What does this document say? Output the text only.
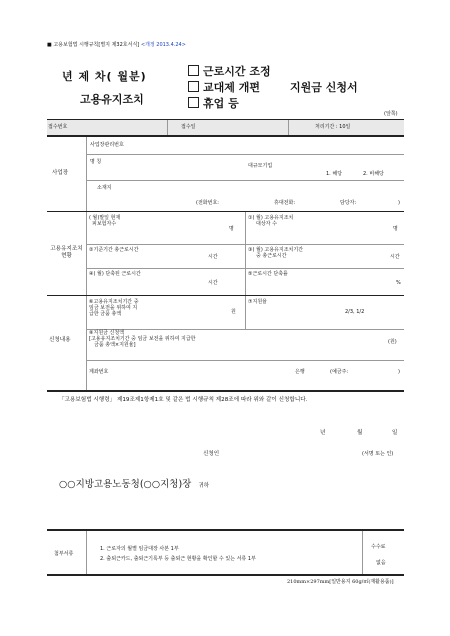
■ 고용보험법 시행규칙[별지 제32호서식] <개정 2013.4.24>
년 제 차( 월분)
고용유지조치
근로시간 조정
교대제 개편
휴업 등
지원금 신청서
(앞쪽)
접수번호	접수일	처리기간 : 10일
사업장
사업장관리번호
명 칭
대규모기업
1. 해당	2. 비해당
소재지
(전화번호:	휴대전화:	담당자:	)
고용유지조치
현황
( 월)말일 현재
피보험자수
명
①( 월) 고용유지조치
대상자 수
명
②기준기간 총근로시간
시간
③( 월) 고용유지조치기간
중 총근로시간	시간
④( 월) 단축된 근로시간
시간
⑤근로시간 단축률
%
신청내용
⑥고용유지조치기간 중
임금 보전을 위하여 지
급한 금품 총액	원
⑦지원율
2/3, 1/2
⑧지원금 신청액
[고용유지조치기간 중 임금 보전을 위하여 지급한
금품 총액×지원율]	(원)
계좌번호	은행	(예금주:	)
「고용보험법 시행령」 제19조제1항제1호 및 같은 법 시행규칙 제28조에 따라 위와 같이 신청합니다.
년	월	일
신청인	(서명 또는 인)
○○지방고용노동청(○○지청)장 귀하
첨부서류
1. 근로자의 월별 임금대장 사본 1부
2. 출퇴근카드, 출퇴근기록부 등 출퇴근 현황을 확인할 수 있는 서류 1부
수수료
없음
210mm×297mm[일반용지 60g/㎡(재활용품)]
